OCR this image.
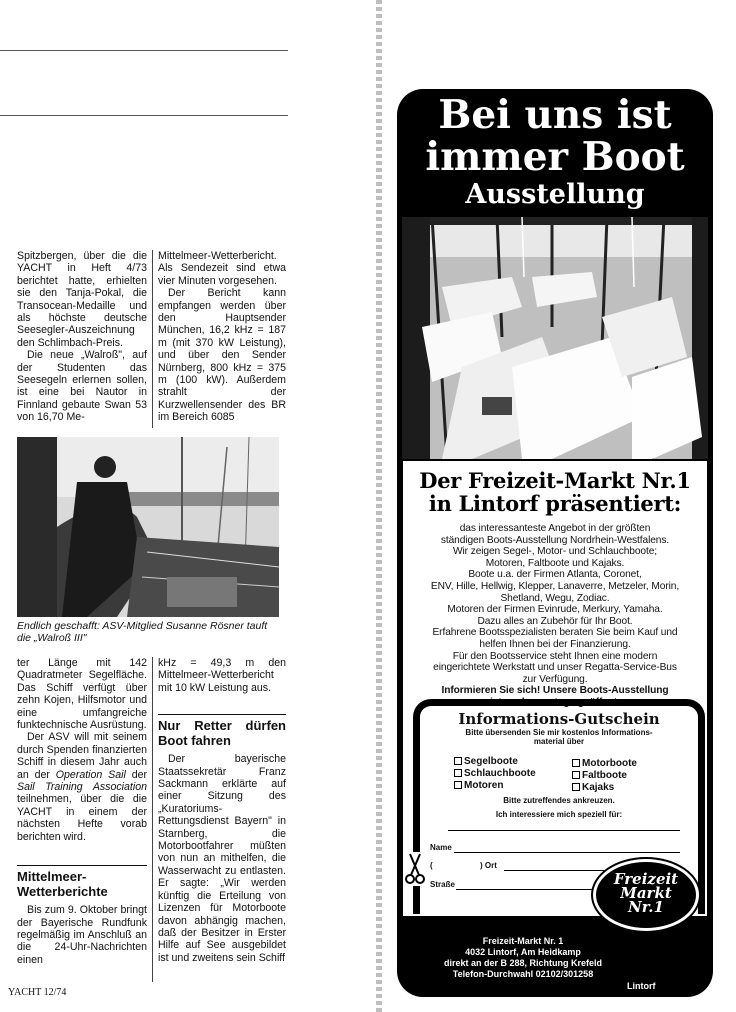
Spitzbergen, über die die YACHT in Heft 4/73 berichtet hatte, erhielten sie den Tanja-Pokal, die Transocean-Medaille und als höchste deutsche Seesegler-Auszeichnung den Schlimbach-Preis.

Die neue „Walroß", auf der Studenten das Seesegeln erlernen sollen, ist eine bei Nautor in Finnland gebaute Swan 53 von 16,70 Me-

Mittelmeer-Wetterbericht. Als Sendezeit sind etwa vier Minuten vorgesehen.

Der Bericht kann empfangen werden über den Hauptsender München, 16,2 kHz = 187 m (mit 370 kW Leistung), und über den Sender Nürnberg, 800 kHz = 375 m (100 kW). Außerdem strahlt der Kurzwellensender des BR im Bereich 6085

Endlich geschafft: ASV-Mitglied Susanne Rösner tauft die „Walroß III"

ter Länge mit 142 Quadratmeter Segelfläche. Das Schiff verfügt über zehn Kojen, Hilfsmotor und eine umfangreiche funktechnische Ausrüstung.

Der ASV will mit seinem durch Spenden finanzierten Schiff in diesem Jahr auch an der Operation Sail der Sail Training Association teilnehmen, über die die YACHT in einem der nächsten Hefte vorab berichten wird.

Mittelmeer-Wetterberichte

Bis zum 9. Oktober bringt der Bayerische Rundfunk regelmäßig im Anschluß an die 24-Uhr-Nachrichten einen

kHz = 49,3 m den Mittelmeer-Wetterbericht mit 10 kW Leistung aus.

Nur Retter dürfen Boot fahren

Der bayerische Staatssekretär Franz Sackmann erklärte auf einer Sitzung des „Kuratoriums-Rettungsdienst Bayern" in Starnberg, die Motorbootfahrer müßten von nun an mithelfen, die Wasserwacht zu entlasten. Er sagte: „Wir werden künftig die Erteilung von Lizenzen für Motorboote davon abhängig machen, daß der Besitzer in Erster Hilfe auf See ausgebildet ist und zweitens sein Schiff

YACHT 12/74
Bei uns ist
immer Boot
Ausstellung
Der Freizeit-Markt Nr.1
in Lintorf präsentiert:
das interessanteste Angebot in der größten
ständigen Boots-Ausstellung Nordrhein-Westfalens.
Wir zeigen Segel-, Motor- und Schlauchboote;
Motoren, Faltboote und Kajaks.
Boote u.a. der Firmen Atlanta, Coronet,
ENV, Hille, Hellwig, Klepper, Lanaverre, Metzeler, Morin,
Shetland, Wegu, Zodiac.
Motoren der Firmen Evinrude, Merkury, Yamaha.
Dazu alles an Zubehör für Ihr Boot.
Erfahrene Bootsspezialisten beraten Sie beim Kauf und
helfen Ihnen bei der Finanzierung.
Für den Bootsservice steht Ihnen eine modern
eingerichtete Werkstatt und unser Regatta-Service-Bus
zur Verfügung.
Informieren Sie sich! Unsere Boots-Ausstellung
ist auch sonntags geöffnet.
Informations-Gutschein
Bitte übersenden Sie mir kostenlos Informations-
material über
Segelboote	Motorboote
Schlauchboote	Faltboote
Motoren	Kajaks
Bitte zutreffendes ankreuzen.
Ich interessiere mich speziell für:
Name
(	) Ort
Straße
Freizeit-Markt Nr. 1
4032 Lintorf, Am Heidkamp
direkt an der B 288, Richtung Krefeld
Telefon-Durchwahl 02102/301258
Freizeit
Markt
Nr.1
Lintorf
